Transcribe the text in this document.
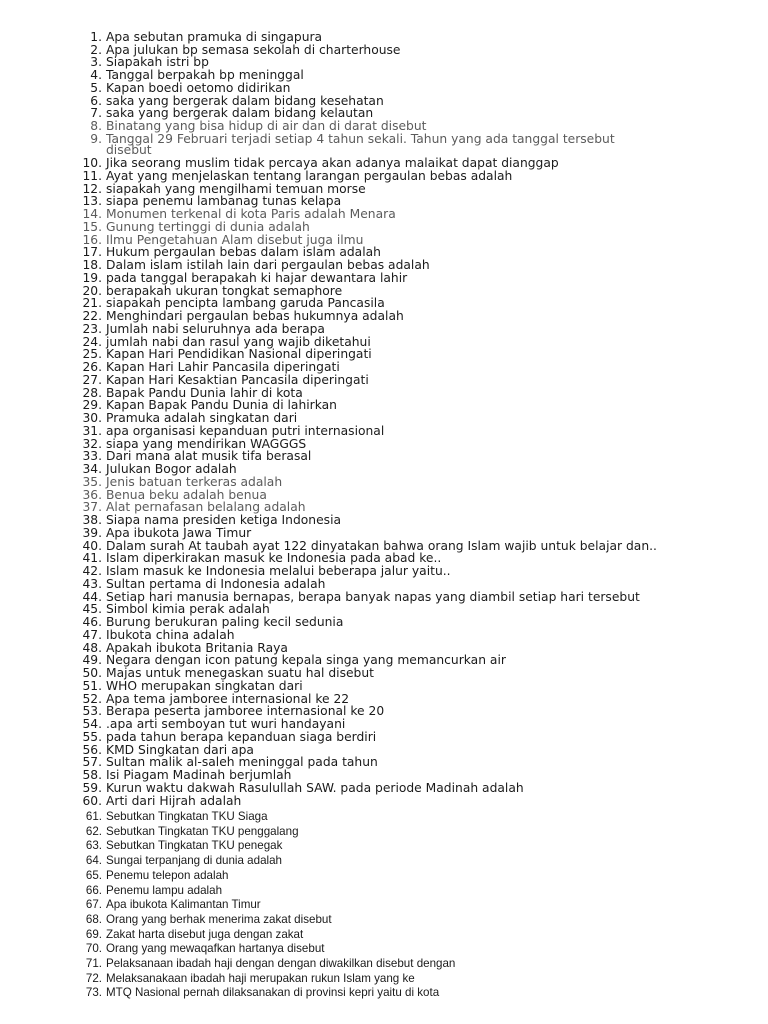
1. Apa sebutan pramuka di singapura
2. Apa julukan bp semasa sekolah di charterhouse
3. Siapakah istri bp
4. Tanggal berpakah bp meninggal
5. Kapan boedi oetomo didirikan
6. saka yang bergerak dalam bidang kesehatan
7. saka yang bergerak dalam bidang kelautan
8. Binatang yang bisa hidup di air dan di darat disebut
9. Tanggal 29 Februari terjadi setiap 4 tahun sekali. Tahun yang ada tanggal tersebut
10. Jika seorang muslim tidak percaya akan adanya malaikat dapat dianggap
11. Ayat yang menjelaskan tentang larangan pergaulan bebas adalah
12. siapakah yang mengilhami temuan morse
13. siapa penemu lambanag tunas kelapa
14. Monumen terkenal di kota Paris adalah Menara
15. Gunung tertinggi di dunia adalah
16. Ilmu Pengetahuan Alam disebut juga ilmu
17. Hukum pergaulan bebas dalam islam adalah
18. Dalam islam istilah lain dari pergaulan bebas adalah
19. pada tanggal berapakah ki hajar dewantara lahir
20. berapakah ukuran tongkat semaphore
21. siapakah pencipta lambang garuda Pancasila
22. Menghindari pergaulan bebas hukumnya adalah
23. Jumlah nabi seluruhnya ada berapa
24. jumlah nabi dan rasul yang wajib diketahui
25. Kapan Hari Pendidikan Nasional diperingati
26. Kapan Hari Lahir Pancasila diperingati
27. Kapan Hari Kesaktian Pancasila diperingati
28. Bapak Pandu Dunia lahir di kota
29. Kapan Bapak Pandu Dunia di lahirkan
30. Pramuka adalah singkatan dari
31. apa organisasi kepanduan putri internasional
32. siapa yang mendirikan WAGGGS
33. Dari mana alat musik tifa berasal
34. Julukan Bogor adalah
35. Jenis batuan terkeras adalah
36. Benua beku adalah benua
37. Alat pernafasan belalang adalah
38. Siapa nama presiden ketiga Indonesia
39. Apa ibukota Jawa Timur
40. Dalam surah At taubah ayat 122 dinyatakan bahwa orang Islam wajib untuk belajar dan..
41. Islam diperkirakan masuk ke Indonesia pada abad ke..
42. Islam masuk ke Indonesia melalui beberapa jalur yaitu..
43. Sultan pertama di Indonesia adalah
44. Setiap hari manusia bernapas, berapa banyak napas yang diambil setiap hari tersebut
45. Simbol kimia perak adalah
46. Burung berukuran paling kecil sedunia
47. Ibukota china adalah
48. Apakah ibukota Britania Raya
49. Negara dengan icon patung kepala singa yang memancurkan air
50. Majas untuk menegaskan suatu hal disebut
51. WHO merupakan singkatan dari
52. Apa tema jamboree internasional ke 22
53. Berapa peserta jamboree internasional ke 20
54. .apa arti semboyan tut wuri handayani
55. pada tahun berapa kepanduan siaga berdiri
56. KMD Singkatan dari apa
57. Sultan malik al-saleh meninggal pada tahun
58. Isi Piagam Madinah berjumlah
59. Kurun waktu dakwah Rasulullah SAW. pada periode Madinah adalah
60. Arti dari Hijrah adalah
61. Sebutkan Tingkatan TKU Siaga
62. Sebutkan Tingkatan TKU penggalang
63. Sebutkan Tingkatan TKU penegak
64. Sungai terpanjang di dunia adalah
65. Penemu telepon adalah
66. Penemu lampu adalah
67. Apa ibukota Kalimantan Timur
68. Orang yang berhak menerima zakat disebut
69. Zakat harta disebut juga dengan zakat
70. Orang yang mewaqafkan hartanya disebut
71. Pelaksanaan ibadah haji dengan dengan diwakilkan disebut dengan
72. Melaksanakaan ibadah haji merupakan rukun Islam yang ke
73. MTQ Nasional pernah dilaksanakan di provinsi kepri yaitu di kota
disebut
